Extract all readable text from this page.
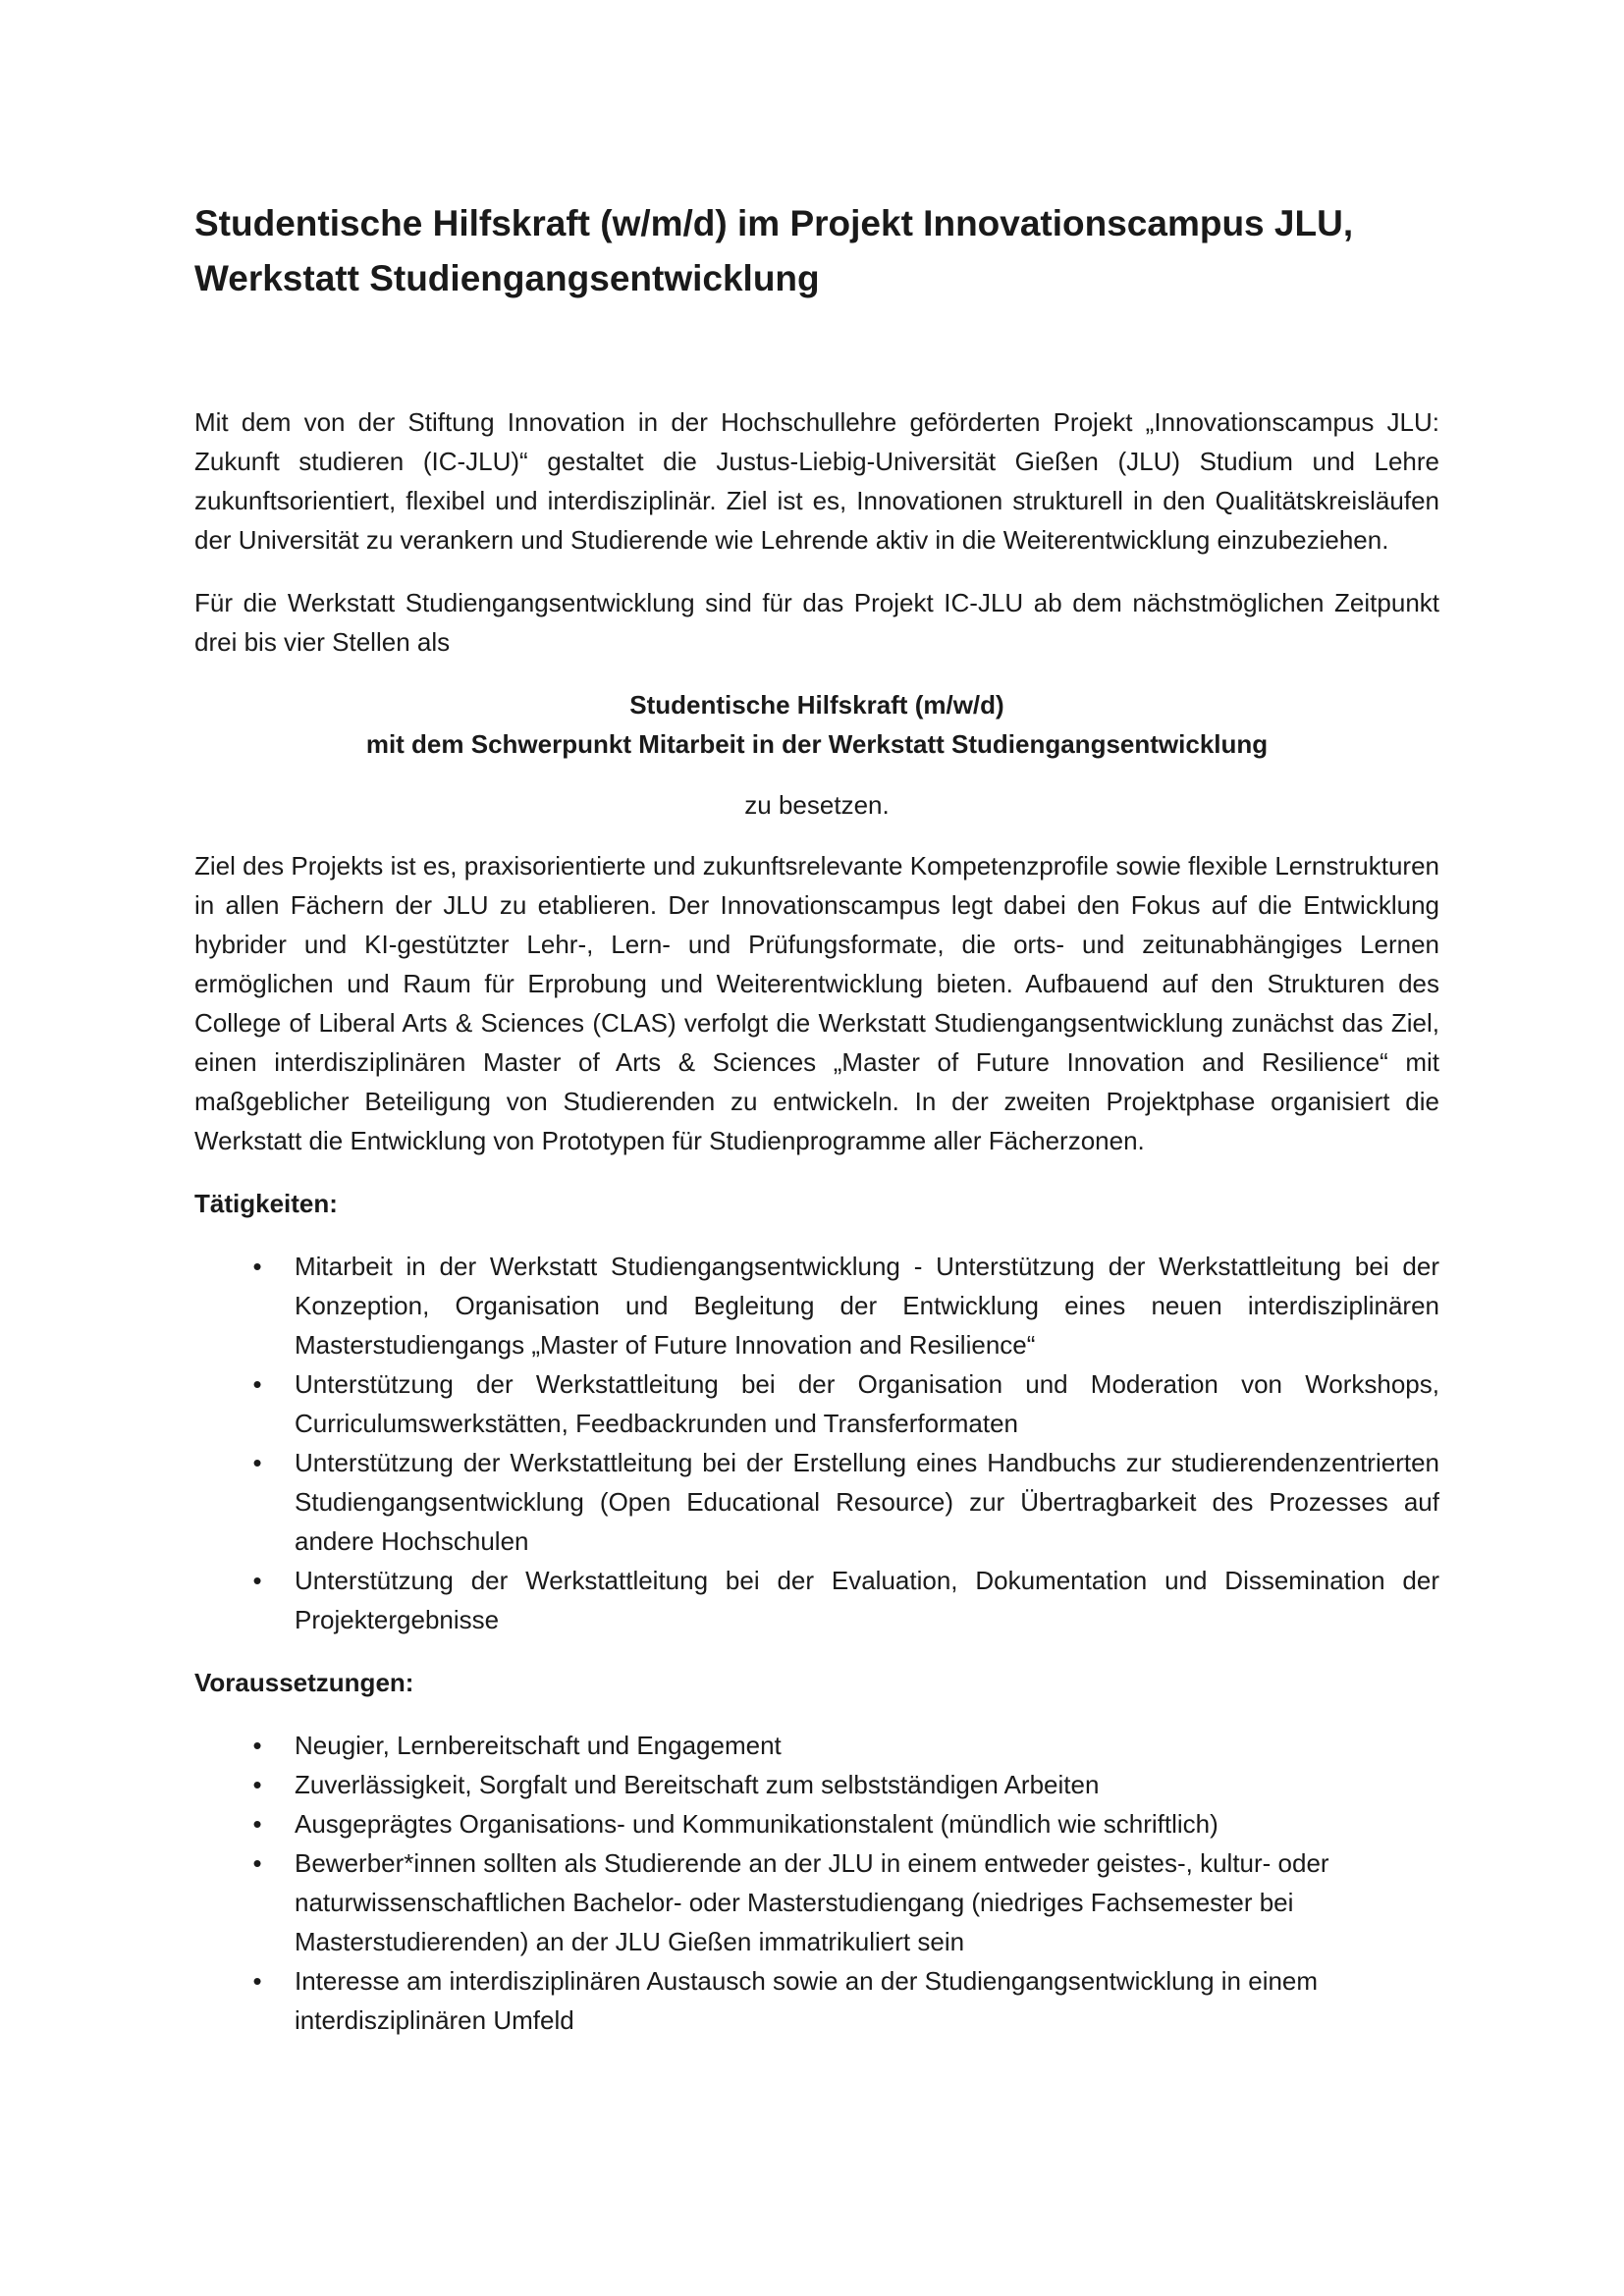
Studentische Hilfskraft (w/m/d) im Projekt Innovationscampus JLU,
Werkstatt Studiengangsentwicklung

Mit dem von der Stiftung Innovation in der Hochschullehre geförderten Projekt „Innovationscampus JLU: Zukunft studieren (IC-JLU)“ gestaltet die Justus-Liebig-Universität Gießen (JLU) Studium und Lehre zukunftsorientiert, flexibel und interdisziplinär. Ziel ist es, Innovationen strukturell in den Qualitätskreisläufen der Universität zu verankern und Studierende wie Lehrende aktiv in die Weiterentwicklung einzubeziehen.

Für die Werkstatt Studiengangsentwicklung sind für das Projekt IC-JLU ab dem nächstmöglichen Zeitpunkt drei bis vier Stellen als

Studentische Hilfskraft (m/w/d)

mit dem Schwerpunkt Mitarbeit in der Werkstatt Studiengangsentwicklung

zu besetzen.

Ziel des Projekts ist es, praxisorientierte und zukunftsrelevante Kompetenzprofile sowie flexible Lernstrukturen in allen Fächern der JLU zu etablieren. Der Innovationscampus legt dabei den Fokus auf die Entwicklung hybrider und KI-gestützter Lehr-, Lern- und Prüfungsformate, die orts- und zeitunabhängiges Lernen ermöglichen und Raum für Erprobung und Weiterentwicklung bieten. Aufbauend auf den Strukturen des College of Liberal Arts & Sciences (CLAS) verfolgt die Werkstatt Studiengangsentwicklung zunächst das Ziel, einen interdisziplinären Master of Arts & Sciences „Master of Future Innovation and Resilience“ mit maßgeblicher Beteiligung von Studierenden zu entwickeln. In der zweiten Projektphase organisiert die Werkstatt die Entwicklung von Prototypen für Studienprogramme aller Fächerzonen.

Tätigkeiten:

• Mitarbeit in der Werkstatt Studiengangsentwicklung - Unterstützung der Werkstattleitung bei der Konzeption, Organisation und Begleitung der Entwicklung eines neuen interdisziplinären Masterstudiengangs „Master of Future Innovation and Resilience“
• Unterstützung der Werkstattleitung bei der Organisation und Moderation von Workshops, Curriculumswerkstätten, Feedbackrunden und Transferformaten
• Unterstützung der Werkstattleitung bei der Erstellung eines Handbuchs zur studierendenzentrierten Studiengangsentwicklung (Open Educational Resource) zur Übertragbarkeit des Prozesses auf andere Hochschulen
• Unterstützung der Werkstattleitung bei der Evaluation, Dokumentation und Dissemination der Projektergebnisse

Voraussetzungen:

• Neugier, Lernbereitschaft und Engagement
• Zuverlässigkeit, Sorgfalt und Bereitschaft zum selbstständigen Arbeiten
• Ausgeprägtes Organisations- und Kommunikationstalent (mündlich wie schriftlich)
• Bewerber*innen sollten als Studierende an der JLU in einem entweder geistes-, kultur- oder naturwissenschaftlichen Bachelor- oder Masterstudiengang (niedriges Fachsemester bei Masterstudierenden) an der JLU Gießen immatrikuliert sein
• Interesse am interdisziplinären Austausch sowie an der Studiengangsentwicklung in einem interdisziplinären Umfeld
